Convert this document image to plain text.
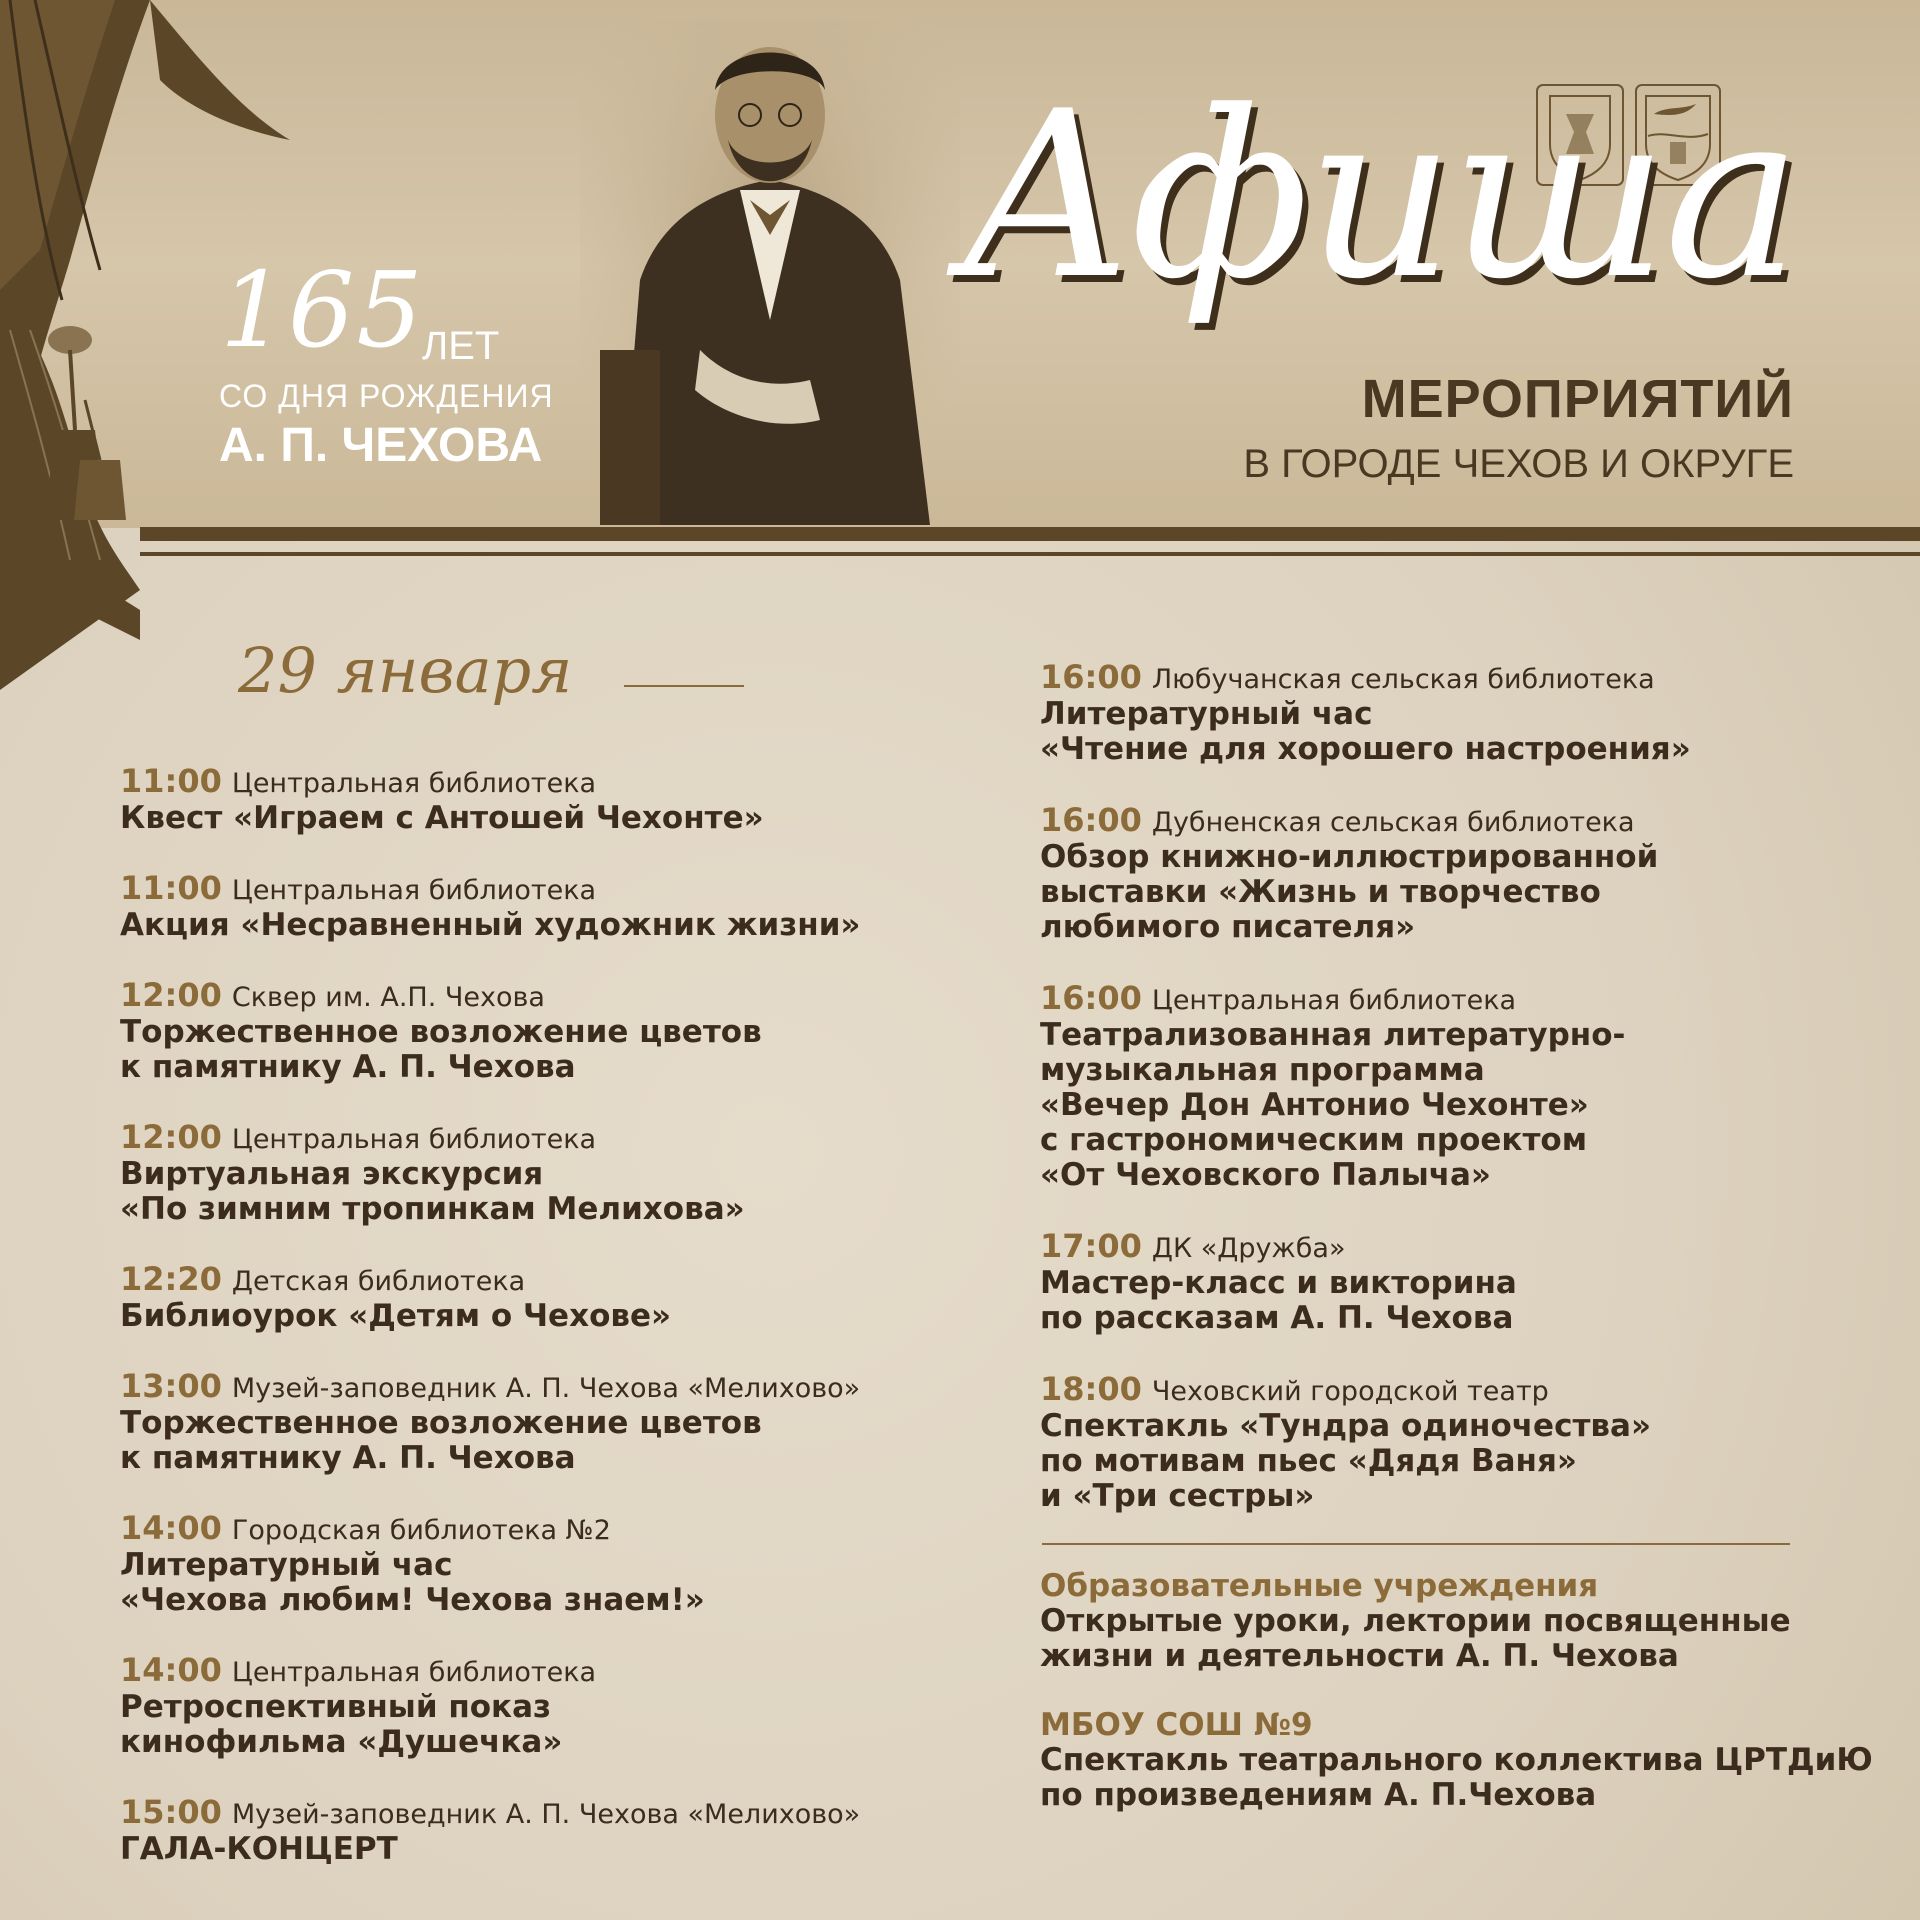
165
ЛЕТ
СО ДНЯ РОЖДЕНИЯ
А. П. ЧЕХОВА
Афиша
МЕРОПРИЯТИЙ
В ГОРОДЕ ЧЕХОВ И ОКРУГЕ
29 января
11:00 Центральная библиотека
Квест «Играем с Антошей Чехонте»
11:00 Центральная библиотека
Акция «Несравненный художник жизни»
12:00 Сквер им. А.П. Чехова
Торжественное возложение цветов
к памятнику А. П. Чехова
12:00 Центральная библиотека
Виртуальная экскурсия
«По зимним тропинкам Мелихова»
12:20 Детская библиотека
Библиоурок «Детям о Чехове»
13:00 Музей-заповедник А. П. Чехова «Мелихово»
Торжественное возложение цветов
к памятнику А. П. Чехова
14:00 Городская библиотека №2
Литературный час
«Чехова любим! Чехова знаем!»
14:00 Центральная библиотека
Ретроспективный показ
кинофильма «Душечка»
15:00 Музей-заповедник А. П. Чехова «Мелихово»
ГАЛА-КОНЦЕРТ
16:00 Любучанская сельская библиотека
Литературный час
«Чтение для хорошего настроения»
16:00 Дубненская сельская библиотека
Обзор книжно-иллюстрированной
выставки «Жизнь и творчество
любимого писателя»
16:00 Центральная библиотека
Театрализованная литературно-
музыкальная программа
«Вечер Дон Антонио Чехонте»
с гастрономическим проектом
«От Чеховского Палыча»
17:00 ДК «Дружба»
Мастер-класс и викторина
по рассказам А. П. Чехова
18:00 Чеховский городской театр
Спектакль «Тундра одиночества»
по мотивам пьес «Дядя Ваня»
и «Три сестры»
Образовательные учреждения
Открытые уроки, лектории посвященные
жизни и деятельности А. П. Чехова
МБОУ СОШ №9
Спектакль театрального коллектива ЦРТДиЮ
по произведениям А. П.Чехова
